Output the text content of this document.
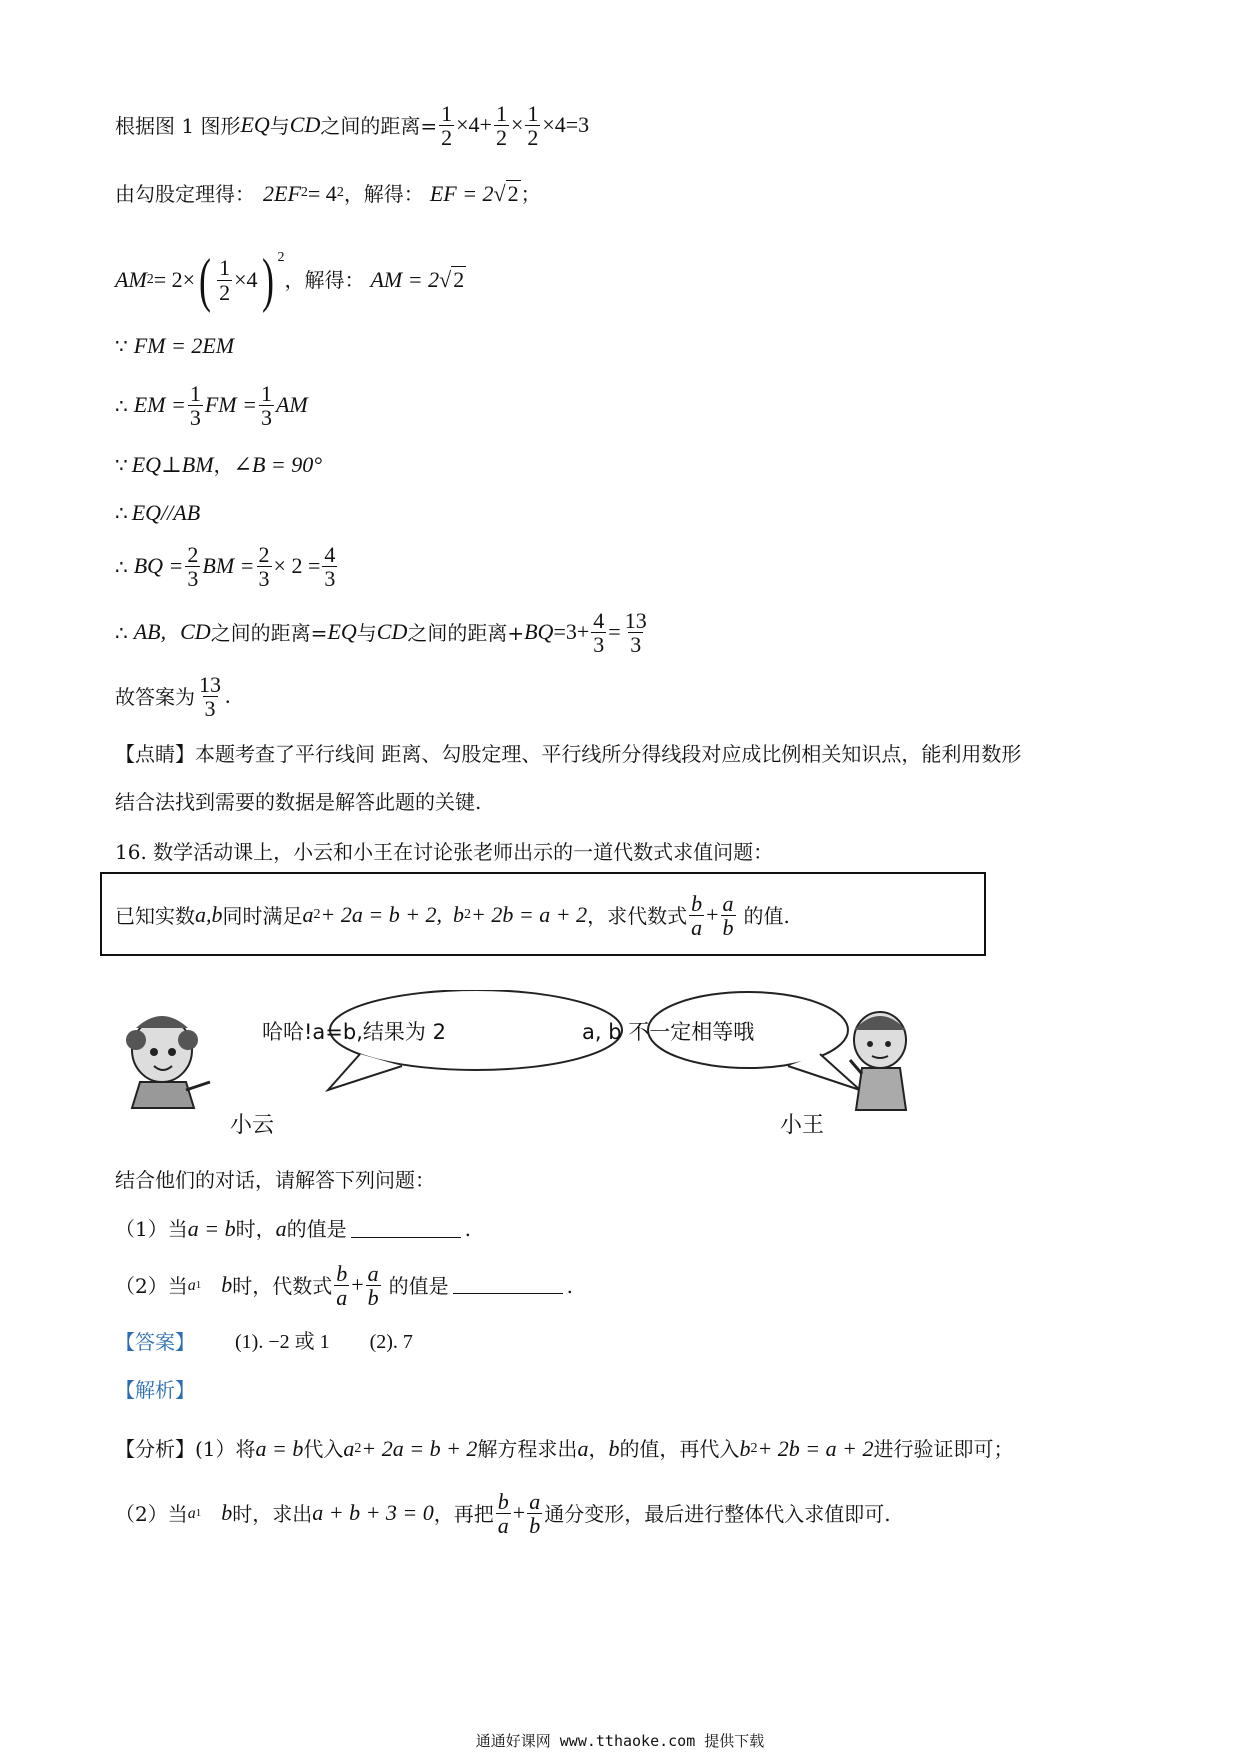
根据图 1 图形 EQ 与 CD 之间的距离= $\frac{1}{2} \times 4+ \frac{1}{2} \times \frac{1}{2} \times 4=3$
由勾股定理得： 2EF 2 = 4 2 ，解得： EF = 2 √ 2 ；
AM 2 = 2× ( $\frac{1}{2} \times 4$ ) 2
，解得： AM = 2 √ 2
∵ FM = 2EM
∴ EM = $\frac{1}{3}$ FM = $\frac{1}{3}$ AM
∵ EQ⊥BM ， ∠B = 90°
∴ EQ//AB
∴ BQ = $\frac{2}{3}$ BM = $\frac{2}{3} \times 2 = \frac{4}{3}$
∴ AB, CD 之间的距离= EQ 与 CD 之间的距离+ BQ $=3+ \frac{4}{3} = \frac{13}{3}$
故答案为 $\frac{13}{3}$ .
【点睛】本题考查了平行线间 距离、勾股定理、平行线所分得线段对应成比例相关知识点，能利用数形
结合法找到需要的数据是解答此题的关键.
16. 数学活动课上，小云和小王在讨论张老师出示的一道代数式求值问题：
已知实数 a,b 同时满足 a 2 + 2a = b + 2, b 2 + 2b = a + 2 ，求代数式 $\frac{b}{a} + \frac{a}{b}$ 的值.
哈哈!a=b,结果为 2	a, b 不一定相等哦
小云	小王
结合他们的对话，请解答下列问题：
（1）当 a = b 时， a 的值是	.
（2）当 a 1 b 时，代数式 $\frac{b}{a} + \frac{a}{b}$ 的值是	.
【答案】 (1). −2 或 1 (2). 7
【解析】
【分析】(1）将 a = b 代入 a 2 + 2a = b + 2 解方程求出 a ， b 的值，再代入 b 2 + 2b = a + 2 进行验证即可；
（2）当 a 1 b 时，求出 a + b + 3 = 0 ，再把 $\frac{b}{a} + \frac{a}{b}$ 通分变形，最后进行整体代入求值即可.
通通好课网 www.tthaoke.com 提供下载
